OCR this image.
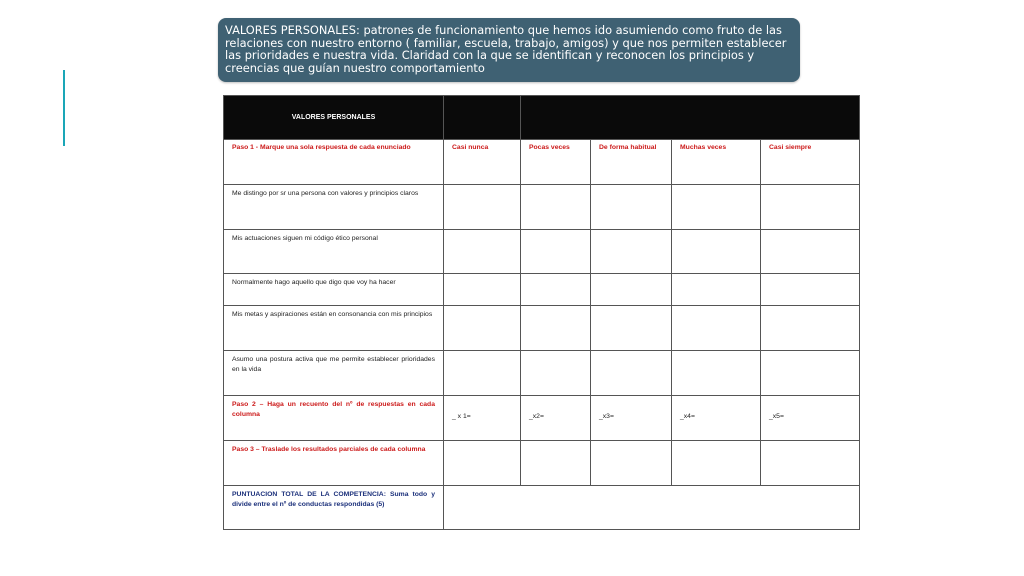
VALORES PERSONALES: patrones de funcionamiento que hemos ido asumiendo como fruto de las relaciones con nuestro entorno ( familiar, escuela, trabajo, amigos) y que nos permiten establecer las prioridades e nuestra vida. Claridad con la que se identifican y reconocen los principios y creencias que guían nuestro comportamiento
VALORES PERSONALES					
Paso 1 - Marque una sola respuesta de cada enunciado	Casi nunca	Pocas veces	De forma habitual	Muchas veces	Casi siempre
Me distingo por sr una persona con valores y principios claros					
Mis actuaciones siguen mi código ético personal					
Normalmente hago aquello que digo que voy ha hacer					
Mis metas y aspiraciones están en consonancia con mis principios					
Asumo una postura activa que me permite establecer prioridades en la vida					
Paso 2 – Haga un recuento del nº de respuestas en cada columna	_ x 1=	_x2=	_x3=	_x4=	_x5=
Paso 3 – Traslade los resultados parciales de cada columna					
PUNTUACION TOTAL DE LA COMPETENCIA: Suma todo y divide entre el nº de conductas respondidas (5)					
